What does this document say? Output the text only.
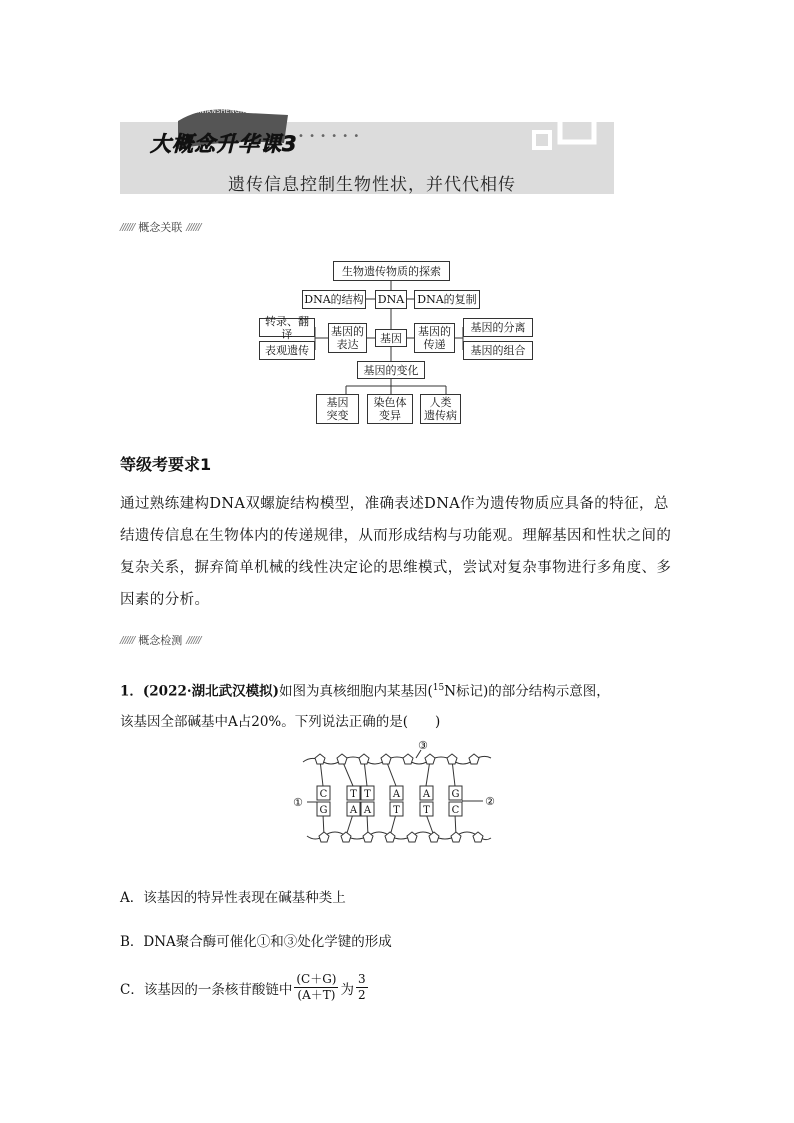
DAGAINIANSHENGHUAKE
大概念升华课3 • • • • • •
遗传信息控制生物性状，并代代相传
////// 概念关联 //////
生物遗传物质的探索
DNA的结构 DNA DNA的复制
转录、翻译
表观遗传
基因的
表达	基因	基因的
传递
基因的分离
基因的组合
基因的变化
基因
突变
染色体
变异
人类
遗传病
等级考要求1
通过熟练建构DNA双螺旋结构模型，准确表述DNA作为遗传物质应具备的特征，总结遗传信息在生物体内的传递规律，从而形成结构与功能观。理解基因和性状之间的复杂关系，摒弃简单机械的线性决定论的思维模式，尝试对复杂事物进行多角度、多因素的分析。
////// 概念检测 //////
1．(2022·湖北武汉模拟)如图为真核细胞内某基因($^{15}$N标记)的部分结构示意图，
该基因全部碱基中A占20%。下列说法正确的是(　　)
C T T A A G
G A A T T C
①	②
③
A．该基因的特异性表现在碱基种类上
B．DNA聚合酶可催化①和③处化学键的形成
C．该基因的一条核苷酸链中 $\frac{(C+G)}{(A+T)}$ 为 $\frac{3}{2}$
